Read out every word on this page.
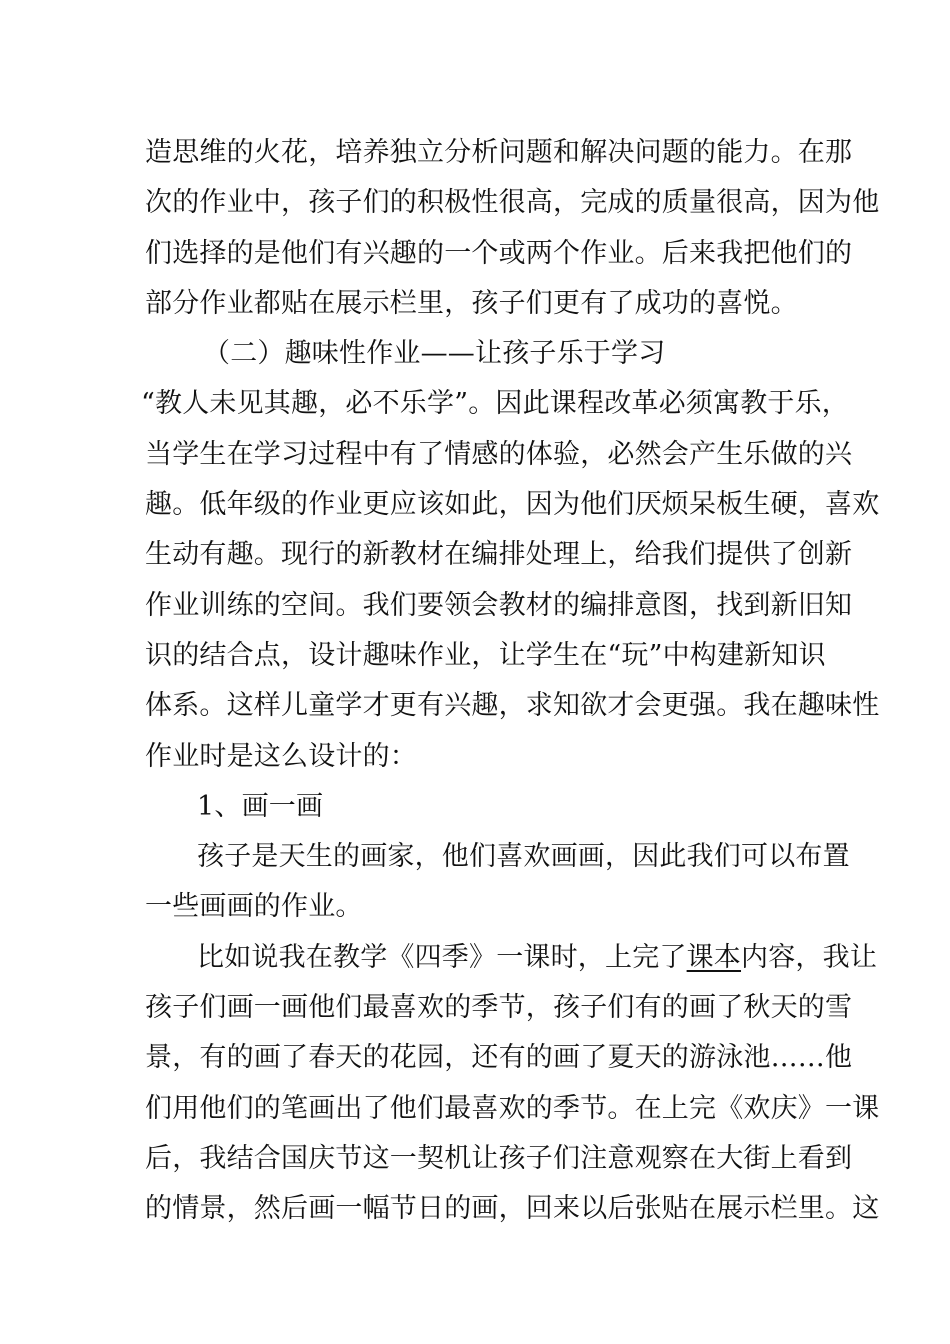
造思维的火花，培养独立分析问题和解决问题的能力。在那
次的作业中，孩子们的积极性很高，完成的质量很高，因为他
们选择的是他们有兴趣的一个或两个作业。后来我把他们的
部分作业都贴在展示栏里，孩子们更有了成功的喜悦。
（二）趣味性作业——让孩子乐于学习
“教人未见其趣，必不乐学”。因此课程改革必须寓教于乐，
当学生在学习过程中有了情感的体验，必然会产生乐做的兴
趣。低年级的作业更应该如此，因为他们厌烦呆板生硬，喜欢
生动有趣。现行的新教材在编排处理上，给我们提供了创新
作业训练的空间。我们要领会教材的编排意图，找到新旧知
识的结合点，设计趣味作业，让学生在“玩”中构建新知识
体系。这样儿童学才更有兴趣，求知欲才会更强。我在趣味性
作业时是这么设计的：
1、画一画
孩子是天生的画家，他们喜欢画画，因此我们可以布置
一些画画的作业。
比如说我在教学《四季》一课时，上完了课本内容，我让
孩子们画一画他们最喜欢的季节，孩子们有的画了秋天的雪
景，有的画了春天的花园，还有的画了夏天的游泳池……他
们用他们的笔画出了他们最喜欢的季节。在上完《欢庆》一课
后，我结合国庆节这一契机让孩子们注意观察在大街上看到
的情景，然后画一幅节日的画，回来以后张贴在展示栏里。这
